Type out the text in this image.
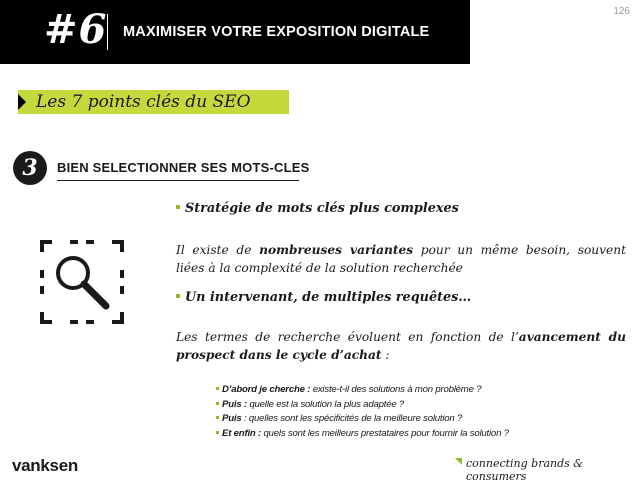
#6 MAXIMISER VOTRE EXPOSITION DIGITALE
126
Les 7 points clés du SEO
3	BIEN SELECTIONNER SES MOTS-CLES
Stratégie de mots clés plus complexes
Il existe de nombreuses variantes pour un même besoin, souvent
liées à la complexité de la solution recherchée
Un intervenant, de multiples requêtes…
Les termes de recherche évoluent en fonction de l’avancement du
prospect dans le cycle d’achat :
D’abord je cherche : existe-t-il des solutions à mon problème ?
Puis : quelle est la solution la plus adaptée ?
Puis : quelles sont les spécificités de la meilleure solution ?
Et enfin : quels sont les meilleurs prestataires pour fournir la solution ?
vanksen	connecting brands & consumers
